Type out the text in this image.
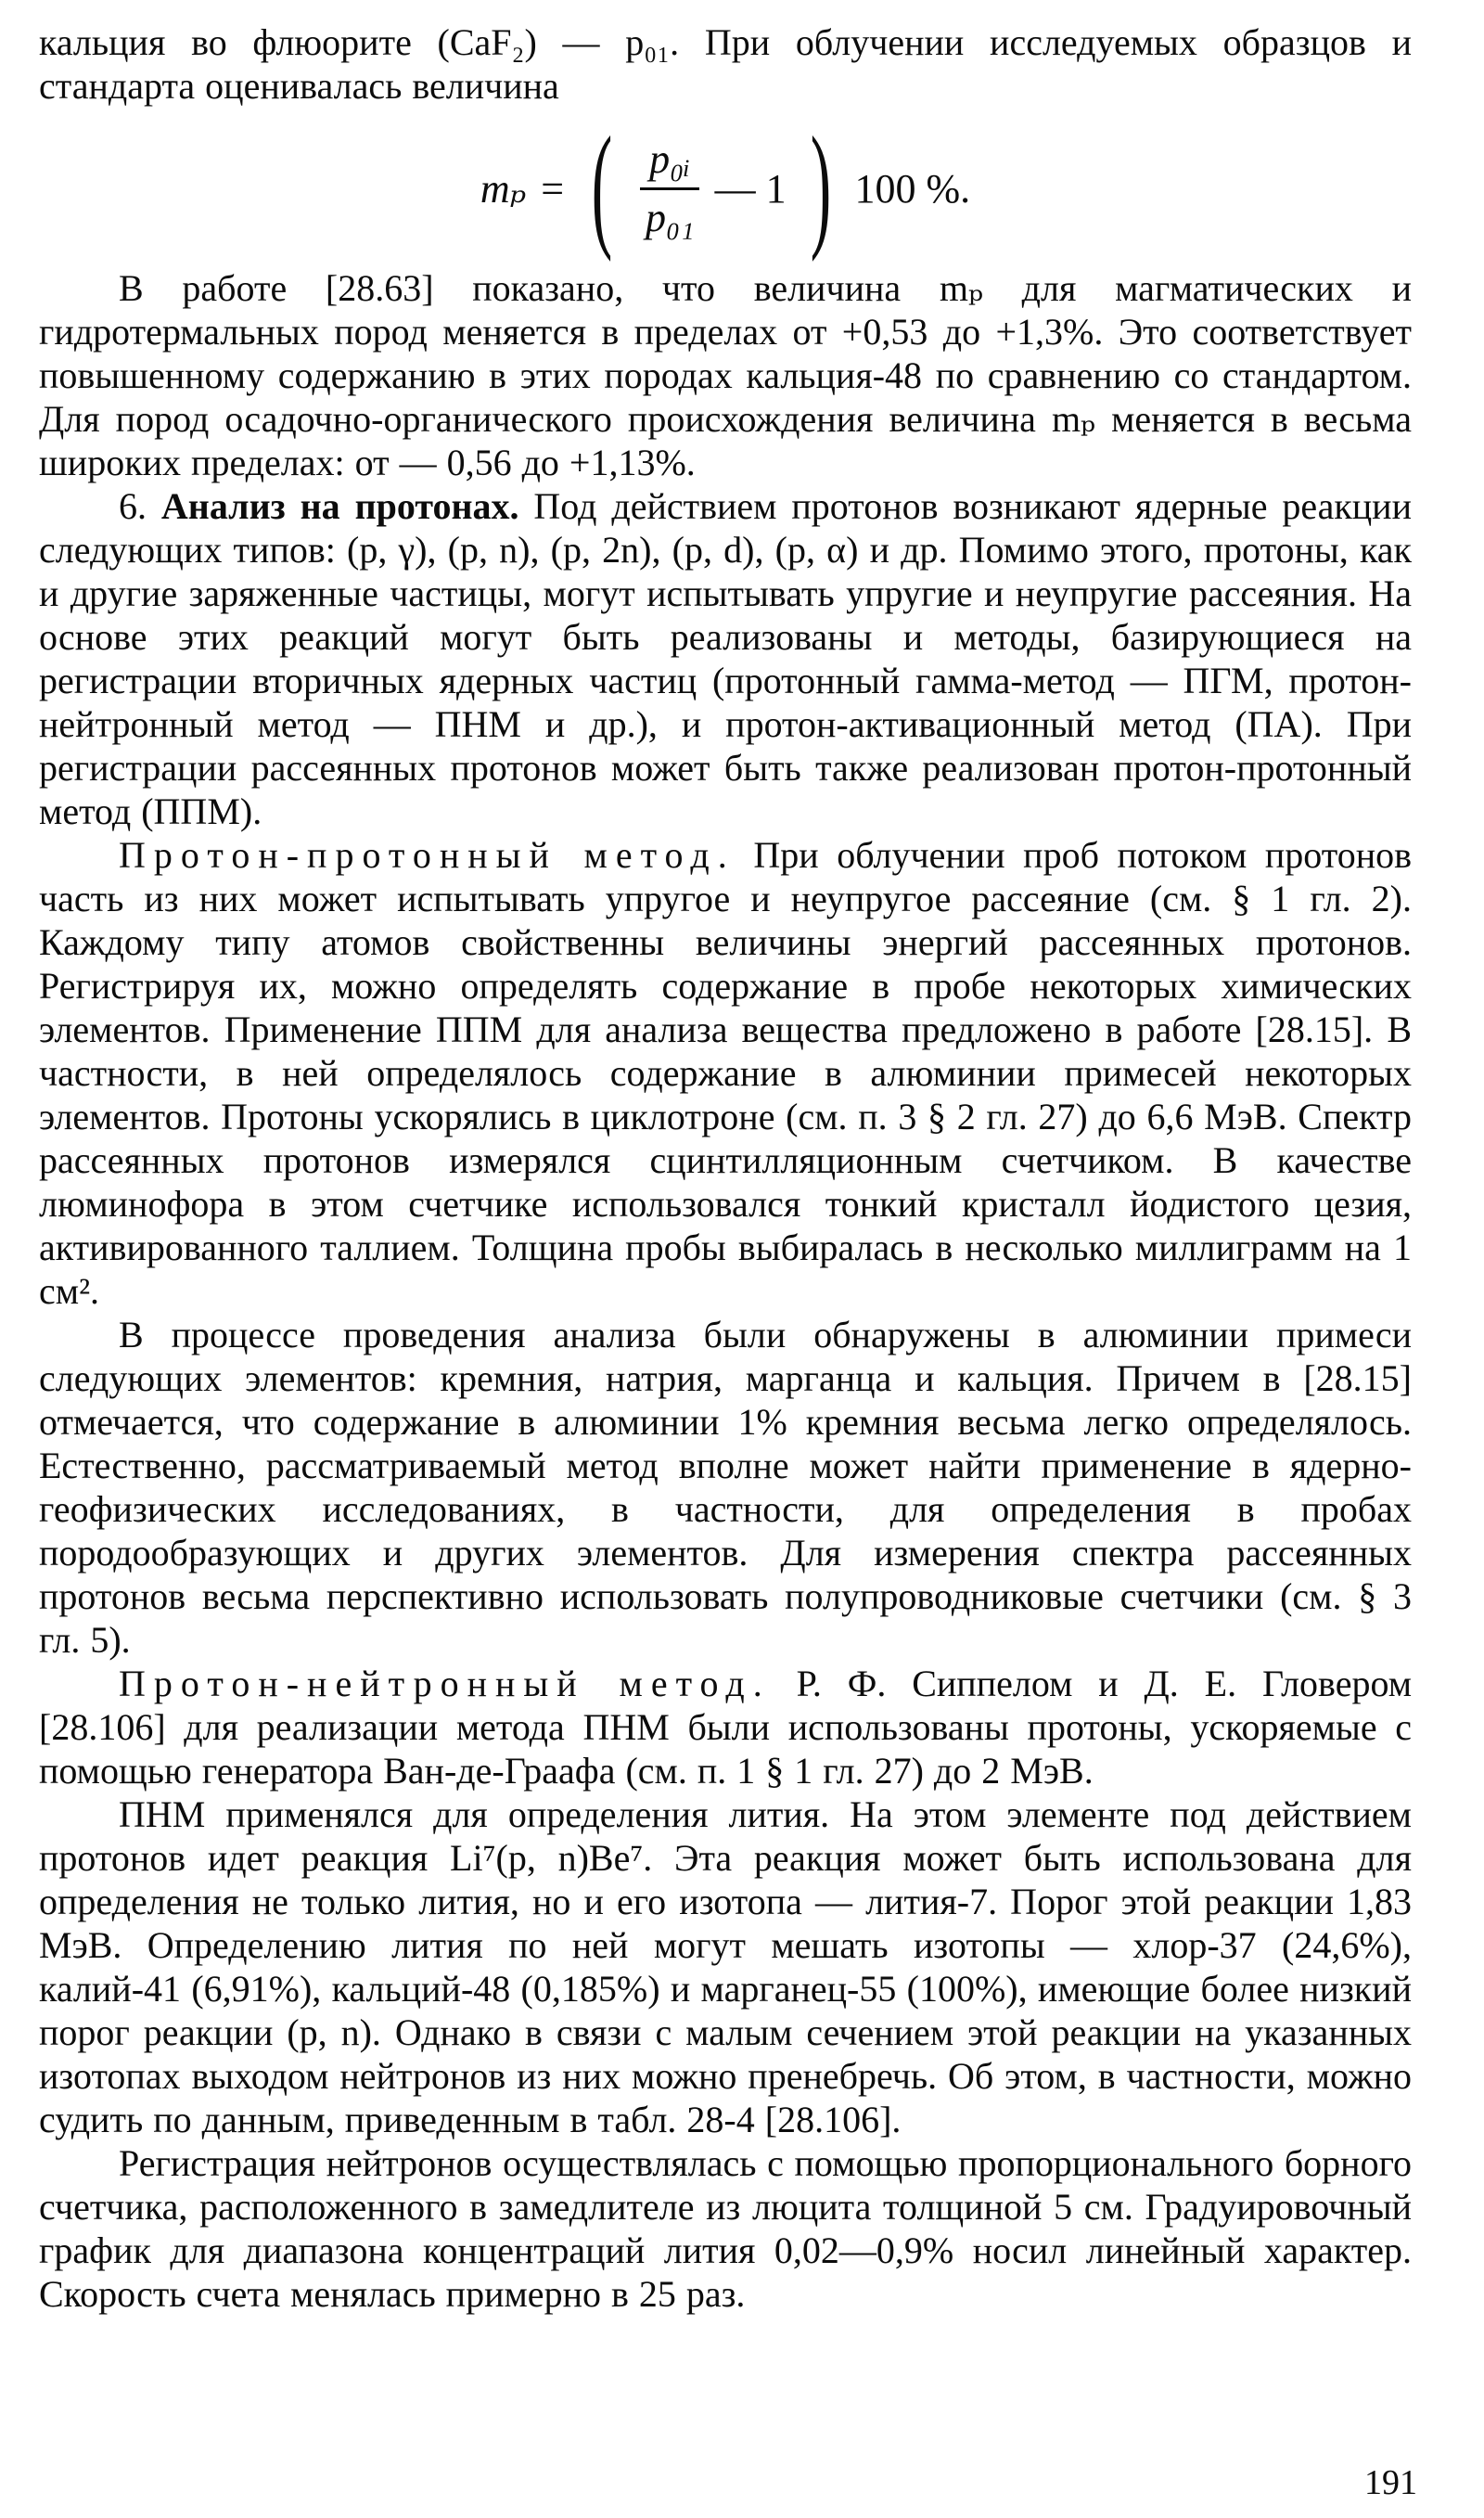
кальция во флюорите (CaF₂) — p₀₁. При облучении исследуемых образцов и стандарта оценивалась величина

mₚ = ( $\frac{\text{p₀ᵢ}}{\text{p₀₁}}$ — 1 ) 100 %.

В работе [28.63] показано, что величина mₚ для магматических и гидротермальных пород меняется в пределах от +0,53 до +1,3%. Это соответствует повышенному содержанию в этих породах кальция-48 по сравнению со стандартом. Для пород осадочно-органического происхождения величина mₚ меняется в весьма широких пределах: от — 0,56 до +1,13%.

6. Анализ на протонах. Под действием протонов возникают ядерные реакции следующих типов: (p, γ), (p, n), (p, 2n), (p, d), (p, α) и др. Помимо этого, протоны, как и другие заряженные частицы, могут испытывать упругие и неупругие рассеяния. На основе этих реакций могут быть реализованы и методы, базирующиеся на регистрации вторичных ядерных частиц (протонный гамма-метод — ПГМ, протон-нейтронный метод — ПНМ и др.), и протон-активационный метод (ПА). При регистрации рассеянных протонов может быть также реализован протон-протонный метод (ППМ).

Протон-протонный метод. При облучении проб потоком протонов часть из них может испытывать упругое и неупругое рассеяние (см. § 1 гл. 2). Каждому типу атомов свойственны величины энергий рассеянных протонов. Регистрируя их, можно определять содержание в пробе некоторых химических элементов. Применение ППМ для анализа вещества предложено в работе [28.15]. В частности, в ней определялось содержание в алюминии примесей некоторых элементов. Протоны ускорялись в циклотроне (см. п. 3 § 2 гл. 27) до 6,6 МэВ. Спектр рассеянных протонов измерялся сцинтилляционным счетчиком. В качестве люминофора в этом счетчике использовался тонкий кристалл йодистого цезия, активированного таллием. Толщина пробы выбиралась в несколько миллиграмм на 1 см².

В процессе проведения анализа были обнаружены в алюминии примеси следующих элементов: кремния, натрия, марганца и кальция. Причем в [28.15] отмечается, что содержание в алюминии 1% кремния весьма легко определялось. Естественно, рассматриваемый метод вполне может найти применение в ядерно-геофизических исследованиях, в частности, для определения в пробах породообразующих и других элементов. Для измерения спектра рассеянных протонов весьма перспективно использовать полупроводниковые счетчики (см. § 3 гл. 5).

Протон-нейтронный метод. Р. Ф. Сиппелом и Д. Е. Гловером [28.106] для реализации метода ПНМ были использованы протоны, ускоряемые с помощью генератора Ван-де-Граафа (см. п. 1 § 1 гл. 27) до 2 МэВ.

ПНМ применялся для определения лития. На этом элементе под действием протонов идет реакция Li⁷(p, n)Be⁷. Эта реакция может быть использована для определения не только лития, но и его изотопа — лития-7. Порог этой реакции 1,83 МэВ. Определению лития по ней могут мешать изотопы — хлор-37 (24,6%), калий-41 (6,91%), кальций-48 (0,185%) и марганец-55 (100%), имеющие более низкий порог реакции (p, n). Однако в связи с малым сечением этой реакции на указанных изотопах выходом нейтронов из них можно пренебречь. Об этом, в частности, можно судить по данным, приведенным в табл. 28-4 [28.106].

Регистрация нейтронов осуществлялась с помощью пропорционального борного счетчика, расположенного в замедлителе из люцита толщиной 5 см. Градуировочный график для диапазона концентраций лития 0,02—0,9% носил линейный характер. Скорость счета менялась примерно в 25 раз.

191
